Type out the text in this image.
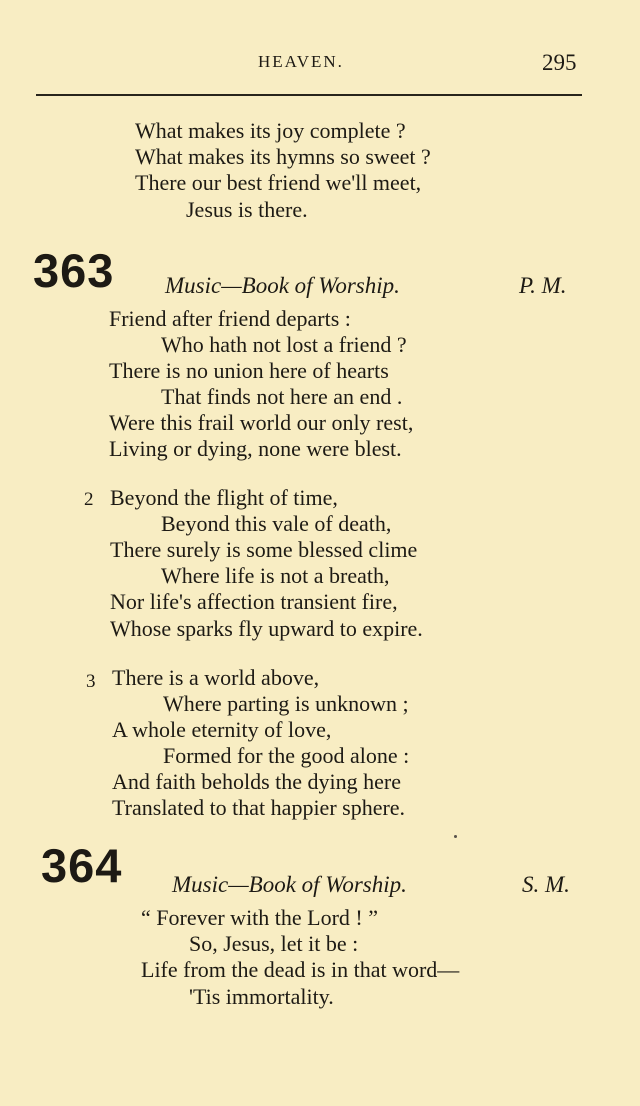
HEAVEN.	295
What makes its joy complete ?
What makes its hymns so sweet ?
There our best friend we'll meet,
Jesus is there.
363 Music—Book of Worship.	P. M.
Friend after friend departs :
Who hath not lost a friend ?
There is no union here of hearts
That finds not here an end .
Were this frail world our only rest,
Living or dying, none were blest.
2 Beyond the flight of time,
Beyond this vale of death,
There surely is some blessed clime
Where life is not a breath,
Nor life's affection transient fire,
Whose sparks fly upward to expire.
3 There is a world above,
Where parting is unknown ;
A whole eternity of love,
Formed for the good alone :
And faith beholds the dying here
Translated to that happier sphere.
364 Music—Book of Worship.	S. M.
“ Forever with the Lord ! ”
So, Jesus, let it be :
Life from the dead is in that word—
'Tis immortality.
